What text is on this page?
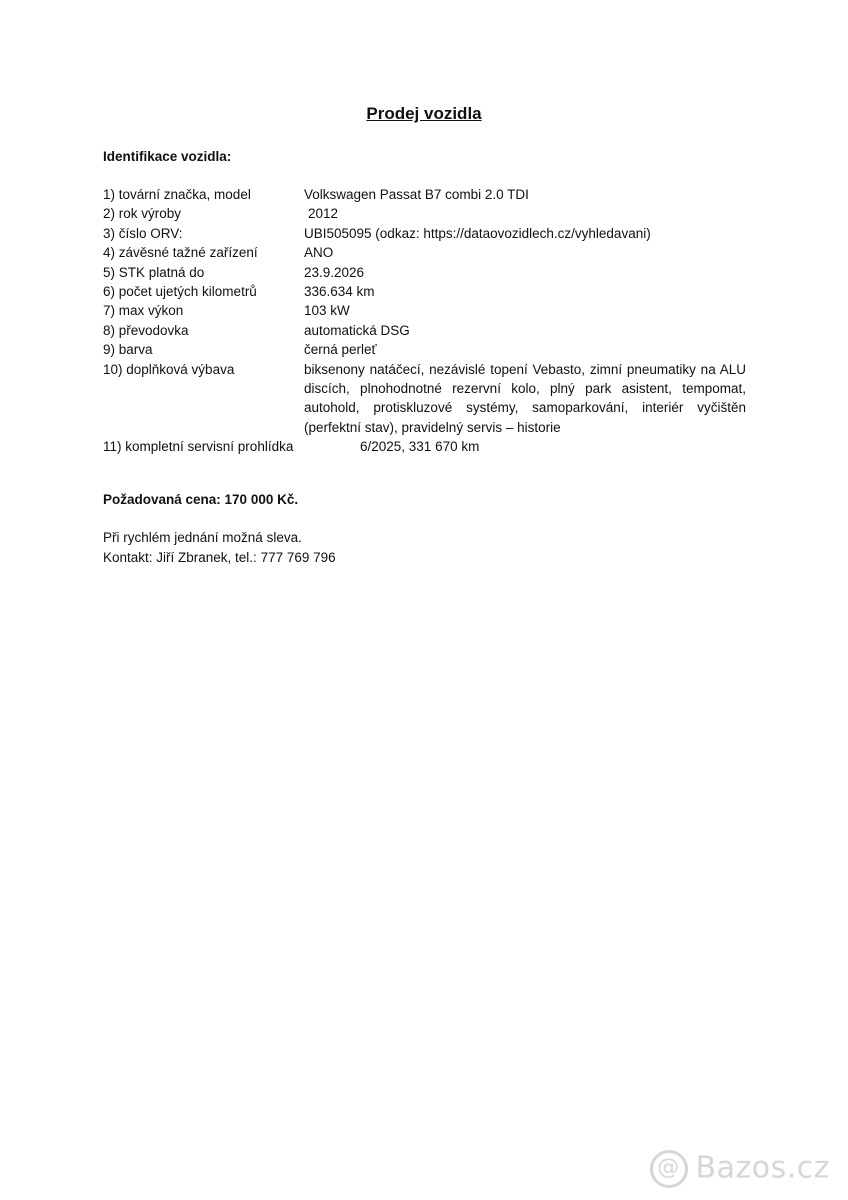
Prodej vozidla
Identifikace vozidla:
1) tovární značka, model	Volkswagen Passat B7 combi 2.0 TDI
2) rok výroby	2012
3) číslo ORV:	UBI505095 (odkaz: https://dataovozidlech.cz/vyhledavani)
4) závěsné tažné zařízení	ANO
5) STK platná do	23.9.2026
6) počet ujetých kilometrů	336.634 km
7) max výkon	103 kW
8) převodovka	automatická DSG
9) barva	černá perleť
10) doplňková výbava	biksenony natáčecí, nezávislé topení Vebasto, zimní pneumatiky na ALU discích, plnohodnotné rezervní kolo, plný park asistent, tempomat, autohold, protiskluzové systémy, samoparkování, interiér vyčištěn (perfektní stav), pravidelný servis – historie
11) kompletní servisní prohlídka	6/2025, 331 670 km
Požadovaná cena: 170 000 Kč.
Při rychlém jednání možná sleva.
Kontakt: Jiří Zbranek, tel.: 777 769 796
@ Bazos.cz
